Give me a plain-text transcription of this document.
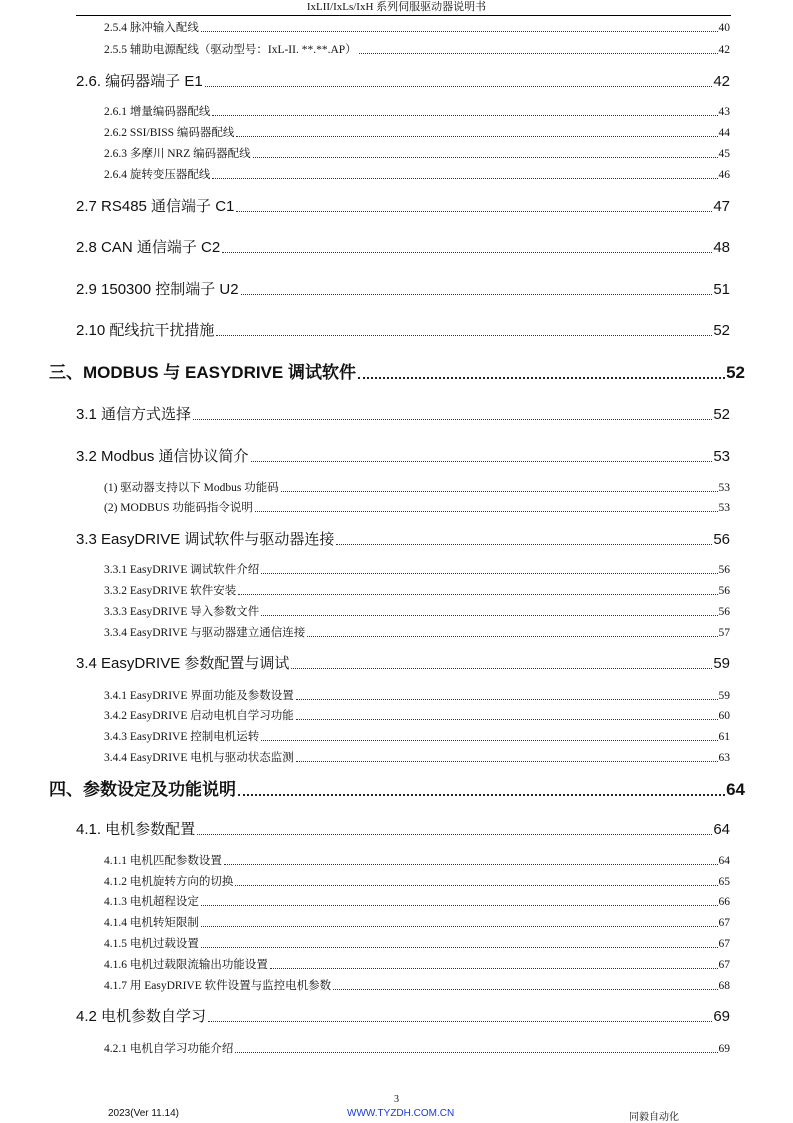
IxLII/IxLs/IxH 系列伺服驱动器说明书
2.5.4 脉冲输入配线	40
2.5.5 辅助电源配线（驱动型号：IxL-II. **.**.AP）	42
2.6. 编码器端子 E1	42
2.6.1 增量编码器配线	43
2.6.2 SSI/BISS 编码器配线	44
2.6.3 多摩川 NRZ 编码器配线	45
2.6.4 旋转变压器配线	46
2.7 RS485 通信端子 C1	47
2.8 CAN 通信端子 C2	48
2.9 150300 控制端子 U2	51
2.10 配线抗干扰措施	52
三、MODBUS 与 EASYDRIVE 调试软件	52
3.1 通信方式选择	52
3.2 Modbus 通信协议简介	53
(1) 驱动器支持以下 Modbus 功能码	53
(2) MODBUS 功能码指令说明	53
3.3 EasyDRIVE 调试软件与驱动器连接	56
3.3.1 EasyDRIVE 调试软件介绍	56
3.3.2 EasyDRIVE 软件安装	56
3.3.3 EasyDRIVE 导入参数文件	56
3.3.4 EasyDRIVE 与驱动器建立通信连接	57
3.4 EasyDRIVE 参数配置与调试	59
3.4.1 EasyDRIVE 界面功能及参数设置	59
3.4.2 EasyDRIVE 启动电机自学习功能	60
3.4.3 EasyDRIVE 控制电机运转	61
3.4.4 EasyDRIVE 电机与驱动状态监测	63
四、参数设定及功能说明	64
4.1. 电机参数配置	64
4.1.1 电机匹配参数设置	64
4.1.2 电机旋转方向的切换	65
4.1.3 电机超程设定	66
4.1.4 电机转矩限制	67
4.1.5 电机过载设置	67
4.1.6 电机过载限流输出功能设置	67
4.1.7 用 EasyDRIVE 软件设置与监控电机参数	68
4.2 电机参数自学习	69
4.2.1 电机自学习功能介绍	69
3
2023(Ver 11.14)	WWW.TYZDH.COM.CN	同毅自动化
